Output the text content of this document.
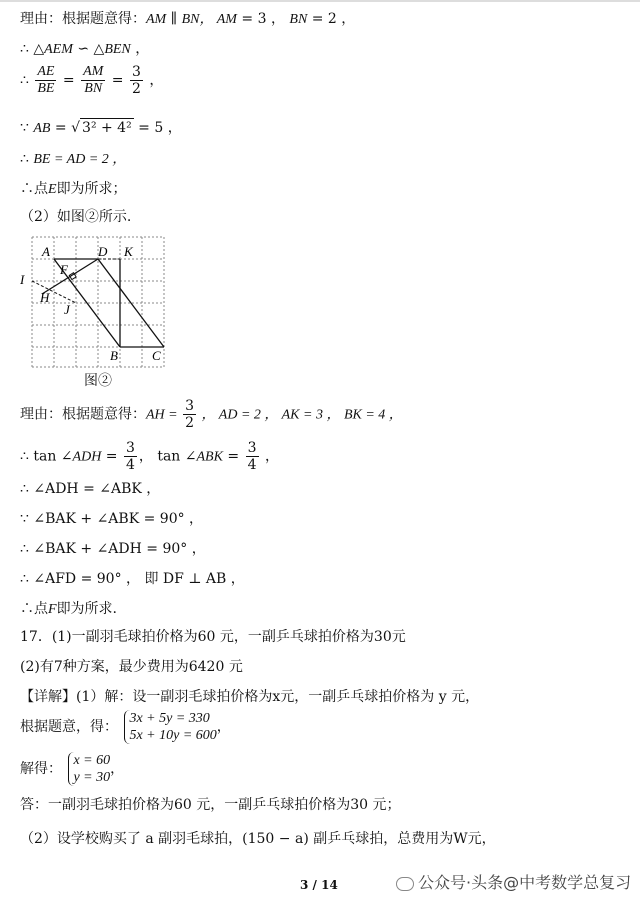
理由：根据题意得：AM ∥ BN， AM = 3 ， BN = 2 ，
∴ △AEM ∽ △BEN ，
∴ $\frac{AE}{BE} = \frac{AM}{BN} = \frac{3}{2}$ ，
∵ AB = √ 3² + 4² = 5 ，
∴ BE = AD = 2 ，
∴点E即为所求；
（2）如图②所示.
A	D K
F
I
H
J
B	C
图②
理由：根据题意得：AH = $\frac{3}{2}$ ， AD = 2 ， AK = 3 ， BK = 4 ，
∴ tan ∠ADH = $\frac{3}{4}$ ， tan ∠ABK = $\frac{3}{4}$ ，
∴ ∠ADH = ∠ABK ，
∵ ∠BAK + ∠ABK = 90° ，
∴ ∠BAK + ∠ADH = 90° ，
∴ ∠AFD = 90° ， 即 DF ⊥ AB ，
∴点F即为所求.
17．(1)一副羽毛球拍价格为60 元，一副乒乓球拍价格为30元
(2)有7种方案，最少费用为6420 元
【详解】(1）解：设一副羽毛球拍价格为x元，一副乒乓球拍价格为 y 元，
根据题意，得：
3x + 5y = 330
5x + 10y = 600
，
解得：
x = 60
y = 30
，
答：一副羽毛球拍价格为60 元，一副乒乓球拍价格为30 元；
（2）设学校购买了 a 副羽毛球拍，(150 − a) 副乒乓球拍，总费用为W元，
3 / 14	公众号·头条@中考数学总复习
